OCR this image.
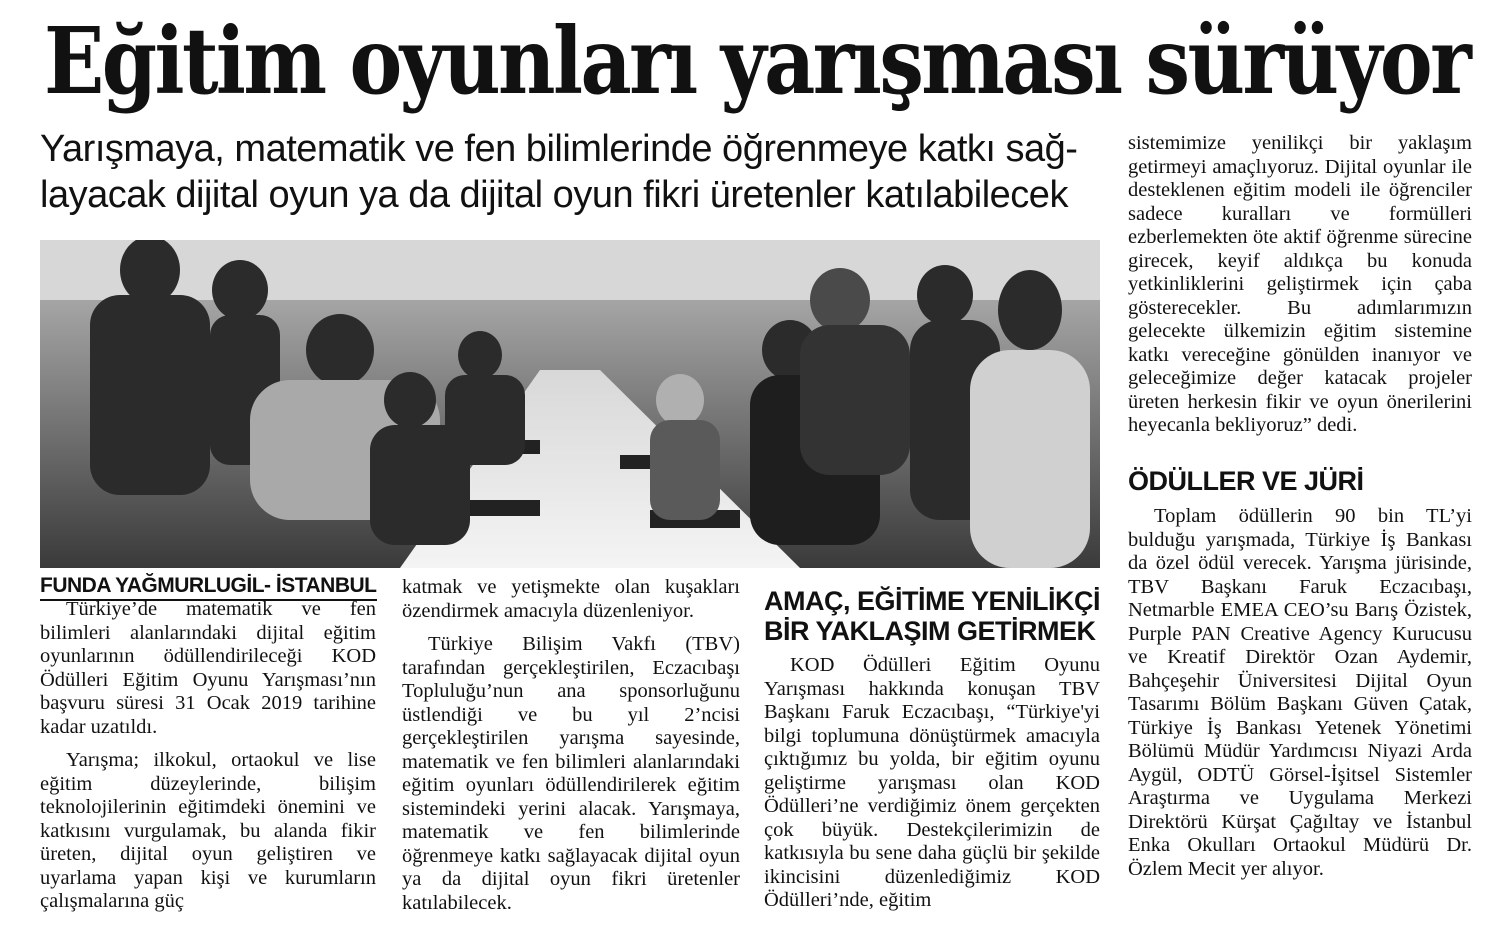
Eğitim oyunları yarışması sürüyor
Yarışmaya, matematik ve fen bilimlerinde öğrenmeye katkı sağ-
layacak dijital oyun ya da dijital oyun fikri üretenler katılabilecek
FUNDA YAĞMURLUGİL- İSTANBUL

Türkiye’de matematik ve fen bilimleri alanlarındaki dijital eğitim oyunlarının ödüllendirileceği KOD Ödülleri Eğitim Oyunu Yarışması’nın başvuru süresi 31 Ocak 2019 tarihine kadar uzatıldı.

Yarışma; ilkokul, ortaokul ve lise eğitim düzeylerinde, bilişim teknolojilerinin eğitimdeki önemini ve katkısını vurgulamak, bu alanda fikir üreten, dijital oyun geliştiren ve uyarlama yapan kişi ve kurumların çalışmalarına güç

katmak ve yetişmekte olan kuşakları özendirmek amacıyla düzenleniyor.

Türkiye Bilişim Vakfı (TBV) tarafından gerçekleştirilen, Eczacıbaşı Topluluğu’nun ana sponsorluğunu üstlendiği ve bu yıl 2’ncisi gerçekleştirilen yarışma sayesinde, matematik ve fen bilimleri alanlarındaki eğitim oyunları ödüllendirilerek eğitim sistemindeki yerini alacak. Yarışmaya, matematik ve fen bilimlerinde öğrenmeye katkı sağlayacak dijital oyun ya da dijital oyun fikri üretenler katılabilecek.

AMAÇ, EĞİTİME YENİLİKÇİ
BİR YAKLAŞIM GETİRMEK

KOD Ödülleri Eğitim Oyunu Yarışması hakkında konuşan TBV Başkanı Faruk Eczacıbaşı, “Türkiye'yi bilgi toplumuna dönüştürmek amacıyla çıktığımız bu yolda, bir eğitim oyunu geliştirme yarışması olan KOD Ödülleri’ne verdiğimiz önem gerçekten çok büyük. Destekçilerimizin de katkısıyla bu sene daha güçlü bir şekilde ikincisini düzenlediğimiz KOD Ödülleri’nde, eğitim

sistemimize yenilikçi bir yaklaşım getirmeyi amaçlıyoruz. Dijital oyunlar ile desteklenen eğitim modeli ile öğrenciler sadece kuralları ve formülleri ezberlemekten öte aktif öğrenme sürecine girecek, keyif aldıkça bu konuda yetkinliklerini geliştirmek için çaba gösterecekler. Bu adımlarımızın gelecekte ülkemizin eğitim sistemine katkı vereceğine gönülden inanıyor ve geleceğimize değer katacak projeler üreten herkesin fikir ve oyun önerilerini heyecanla bekliyoruz” dedi.

ÖDÜLLER VE JÜRİ

Toplam ödüllerin 90 bin TL’yi bulduğu yarışmada, Türkiye İş Bankası da özel ödül verecek. Yarışma jürisinde, TBV Başkanı Faruk Eczacıbaşı, Netmarble EMEA CEO’su Barış Özistek, Purple PAN Creative Agency Kurucusu ve Kreatif Direktör Ozan Aydemir, Bahçeşehir Üniversitesi Dijital Oyun Tasarımı Bölüm Başkanı Güven Çatak, Türkiye İş Bankası Yetenek Yönetimi Bölümü Müdür Yardımcısı Niyazi Arda Aygül, ODTÜ Görsel-İşitsel Sistemler Araştırma ve Uygulama Merkezi Direktörü Kürşat Çağıltay ve İstanbul Enka Okulları Ortaokul Müdürü Dr. Özlem Mecit yer alıyor.
